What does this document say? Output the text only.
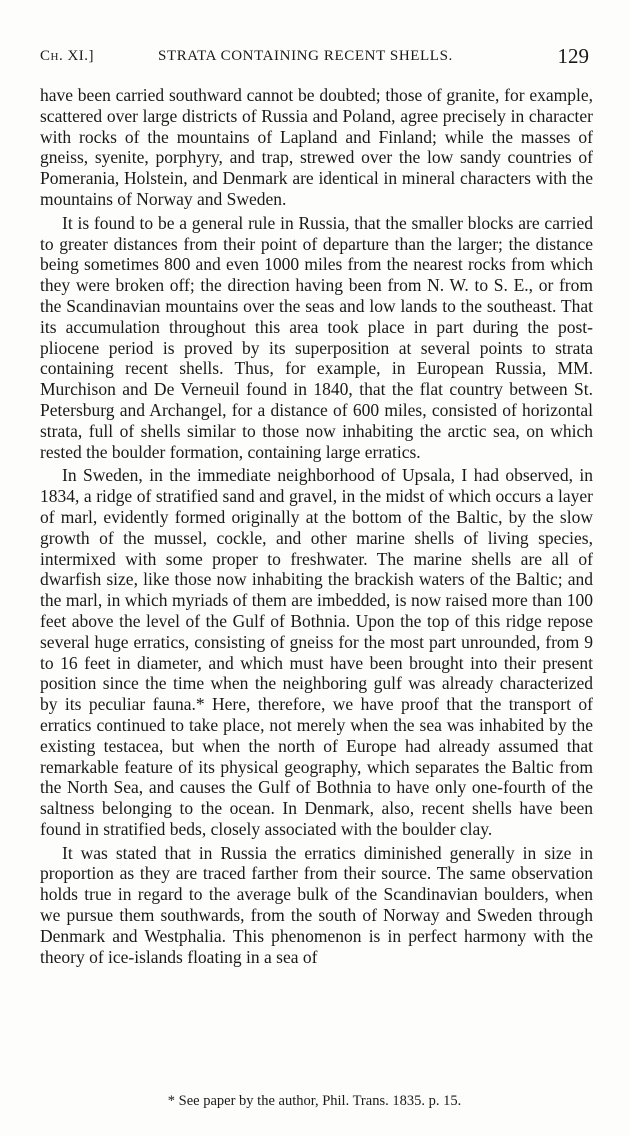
Ch. XI.]	STRATA CONTAINING RECENT SHELLS.	129

have been carried southward cannot be doubted; those of granite, for example, scattered over large districts of Russia and Poland, agree precisely in character with rocks of the mountains of Lapland and Finland; while the masses of gneiss, syenite, porphyry, and trap, strewed over the low sandy countries of Pomerania, Holstein, and Denmark are identical in mineral characters with the mountains of Norway and Sweden.

It is found to be a general rule in Russia, that the smaller blocks are carried to greater distances from their point of departure than the larger; the distance being sometimes 800 and even 1000 miles from the nearest rocks from which they were broken off; the direction having been from N. W. to S. E., or from the Scandinavian mountains over the seas and low lands to the southeast. That its accumulation throughout this area took place in part during the post-pliocene period is proved by its superposition at several points to strata containing recent shells. Thus, for example, in European Russia, MM. Murchison and De Verneuil found in 1840, that the flat country between St. Petersburg and Archangel, for a distance of 600 miles, consisted of horizontal strata, full of shells similar to those now inhabiting the arctic sea, on which rested the boulder formation, containing large erratics.

In Sweden, in the immediate neighborhood of Upsala, I had observed, in 1834, a ridge of stratified sand and gravel, in the midst of which occurs a layer of marl, evidently formed originally at the bottom of the Baltic, by the slow growth of the mussel, cockle, and other marine shells of living species, intermixed with some proper to freshwater. The marine shells are all of dwarfish size, like those now inhabiting the brackish waters of the Baltic; and the marl, in which myriads of them are imbedded, is now raised more than 100 feet above the level of the Gulf of Bothnia. Upon the top of this ridge repose several huge erratics, consisting of gneiss for the most part unrounded, from 9 to 16 feet in diameter, and which must have been brought into their present position since the time when the neighboring gulf was already characterized by its peculiar fauna.* Here, therefore, we have proof that the transport of erratics continued to take place, not merely when the sea was inhabited by the existing testacea, but when the north of Europe had already assumed that remarkable feature of its physical geography, which separates the Baltic from the North Sea, and causes the Gulf of Bothnia to have only one-fourth of the saltness belonging to the ocean. In Denmark, also, recent shells have been found in stratified beds, closely associated with the boulder clay.

It was stated that in Russia the erratics diminished generally in size in proportion as they are traced farther from their source. The same observation holds true in regard to the average bulk of the Scandinavian boulders, when we pursue them southwards, from the south of Norway and Sweden through Denmark and Westphalia. This phenomenon is in perfect harmony with the theory of ice-islands floating in a sea of

* See paper by the author, Phil. Trans. 1835. p. 15.
